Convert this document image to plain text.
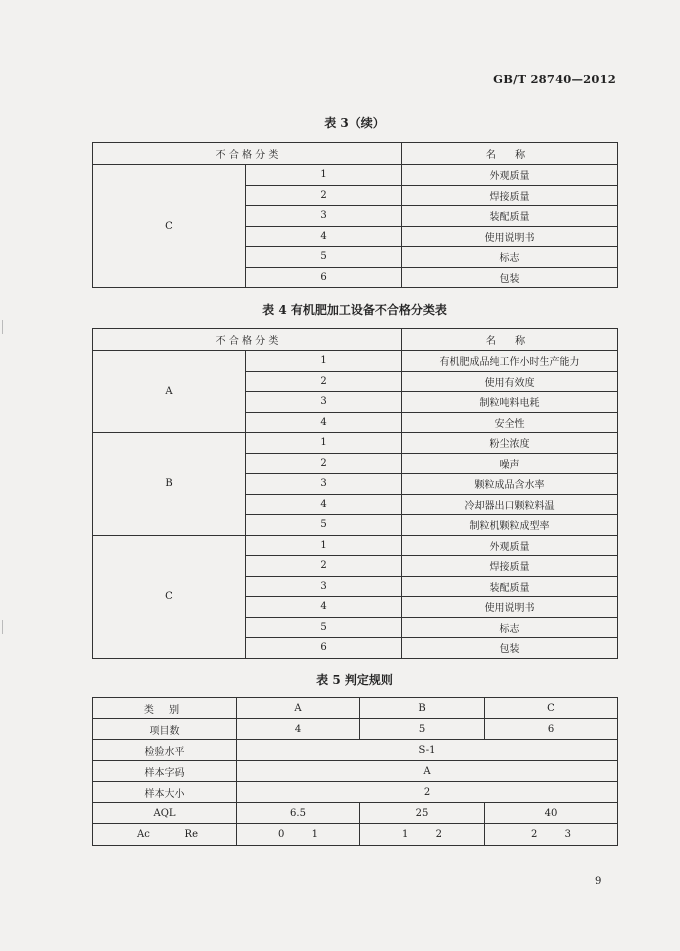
GB/T 28740—2012
表 3（续）
不 合 格 分 类		名 称
C	1	外观质量
	2	焊接质量
	3	装配质量
	4	使用说明书
	5	标志
	6	包装
表 4 有机肥加工设备不合格分类表
不 合 格 分 类		名 称
A	1	有机肥成品纯工作小时生产能力
	2	使用有效度
	3	制粒吨料电耗
	4	安全性
B	1	粉尘浓度
	2	噪声
	3	颗粒成品含水率
	4	冷却器出口颗粒料温
	5	制粒机颗粒成型率
C	1	外观质量
	2	焊接质量
	3	装配质量
	4	使用说明书
	5	标志
	6	包装
表 5 判定规则
类 别	A	B	C
项目数	4	5	6
检验水平	S-1		
样本字码	A		
样本大小	2		
AQL	6.5	25	40

Ac Re	0 1	1 2	2 3
9
